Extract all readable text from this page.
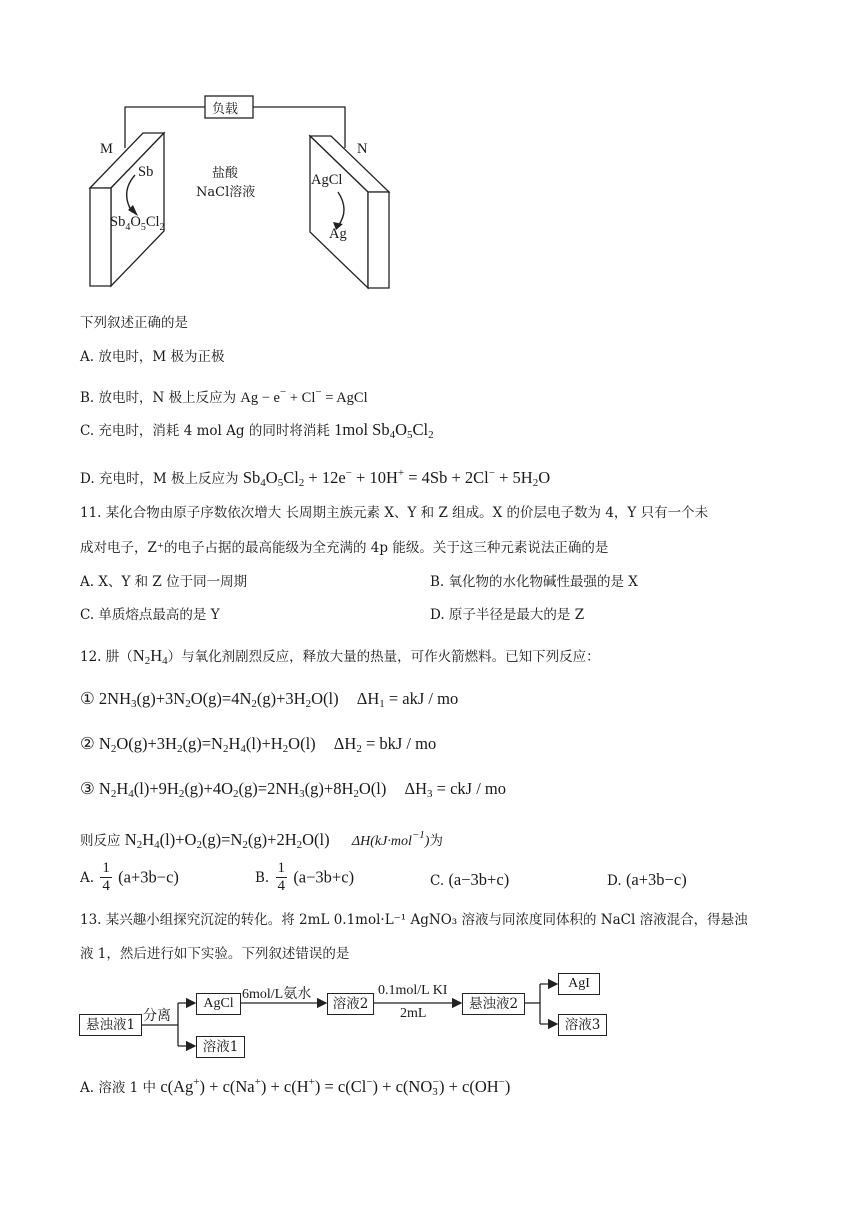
负载
M	N
盐酸
NaCl溶液
Sb
$Sb_4O_5Cl_2$
AgCl
Ag
下列叙述正确的是
A. 放电时，M 极为正极
B. 放电时，N 极上反应为 Ag − e− + Cl− = AgCl
C. 充电时，消耗 4 mol Ag 的同时将消耗 1mol $Sb_4O_5Cl_2$
D. 充电时，M 极上反应为 $Sb_4O_5Cl_2 + 12e^- + 10H^+ = 4Sb + 2Cl^- + 5H_2O$
11. 某化合物由原子序数依次增大 长周期主族元素 X、Y 和 Z 组成。X 的价层电子数为 4，Y 只有一个未
成对电子，Z⁺的电子占据的最高能级为全充满的 4p 能级。关于这三种元素说法正确的是
A. X、Y 和 Z 位于同一周期	B. 氧化物的水化物碱性最强的是 X
C. 单质熔点最高的是 Y	D. 原子半径是最大的是 Z
12. 肼$(N_2H_4)$与氧化剂剧烈反应，释放大量的热量，可作火箭燃料。已知下列反应：
① $2NH_3(g)+3N_2O(g)=4N_2(g)+3H_2O(l) \Delta H_1$ = akJ / mo
② $N_2O(g)+3H_2(g)=N_2H_4(l)+H_2O(l) \Delta H_2$ = bkJ / mo
③ $N_2H_4(l)+9H_2(g)+4O_2(g)=2NH_3(g)+8H_2O(l) \Delta H_3$ = ckJ / mo
则反应 $N_2H_4(l)+O_2(g)=N_2(g)+2H_2O(l)$ ΔH(kJ·mol$^{-1}$)为
A. $\frac{1}{4} (a+3b-c)$	B. $\frac{1}{4} (a-3b+c)$	C. (a−3b+c)	D. (a+3b−c)
13. 某兴趣小组探究沉淀的转化。将 2mL 0.1mol·L⁻¹ AgNO₃ 溶液与同浓度同体积的 NaCl 溶液混合，得悬浊
液 1，然后进行如下实验。下列叙述错误的是
悬浊液1
分离
AgCl
溶液1
6mol/L氨水
溶液2
0.1mol/L KI
2mL
悬浊液2
AgI
溶液3
A. 溶液 1 中 $c(Ag^+) + c(Na^+) + c(H^+) = c(Cl^-) + c(NO_3^-) + c(OH^-)$
